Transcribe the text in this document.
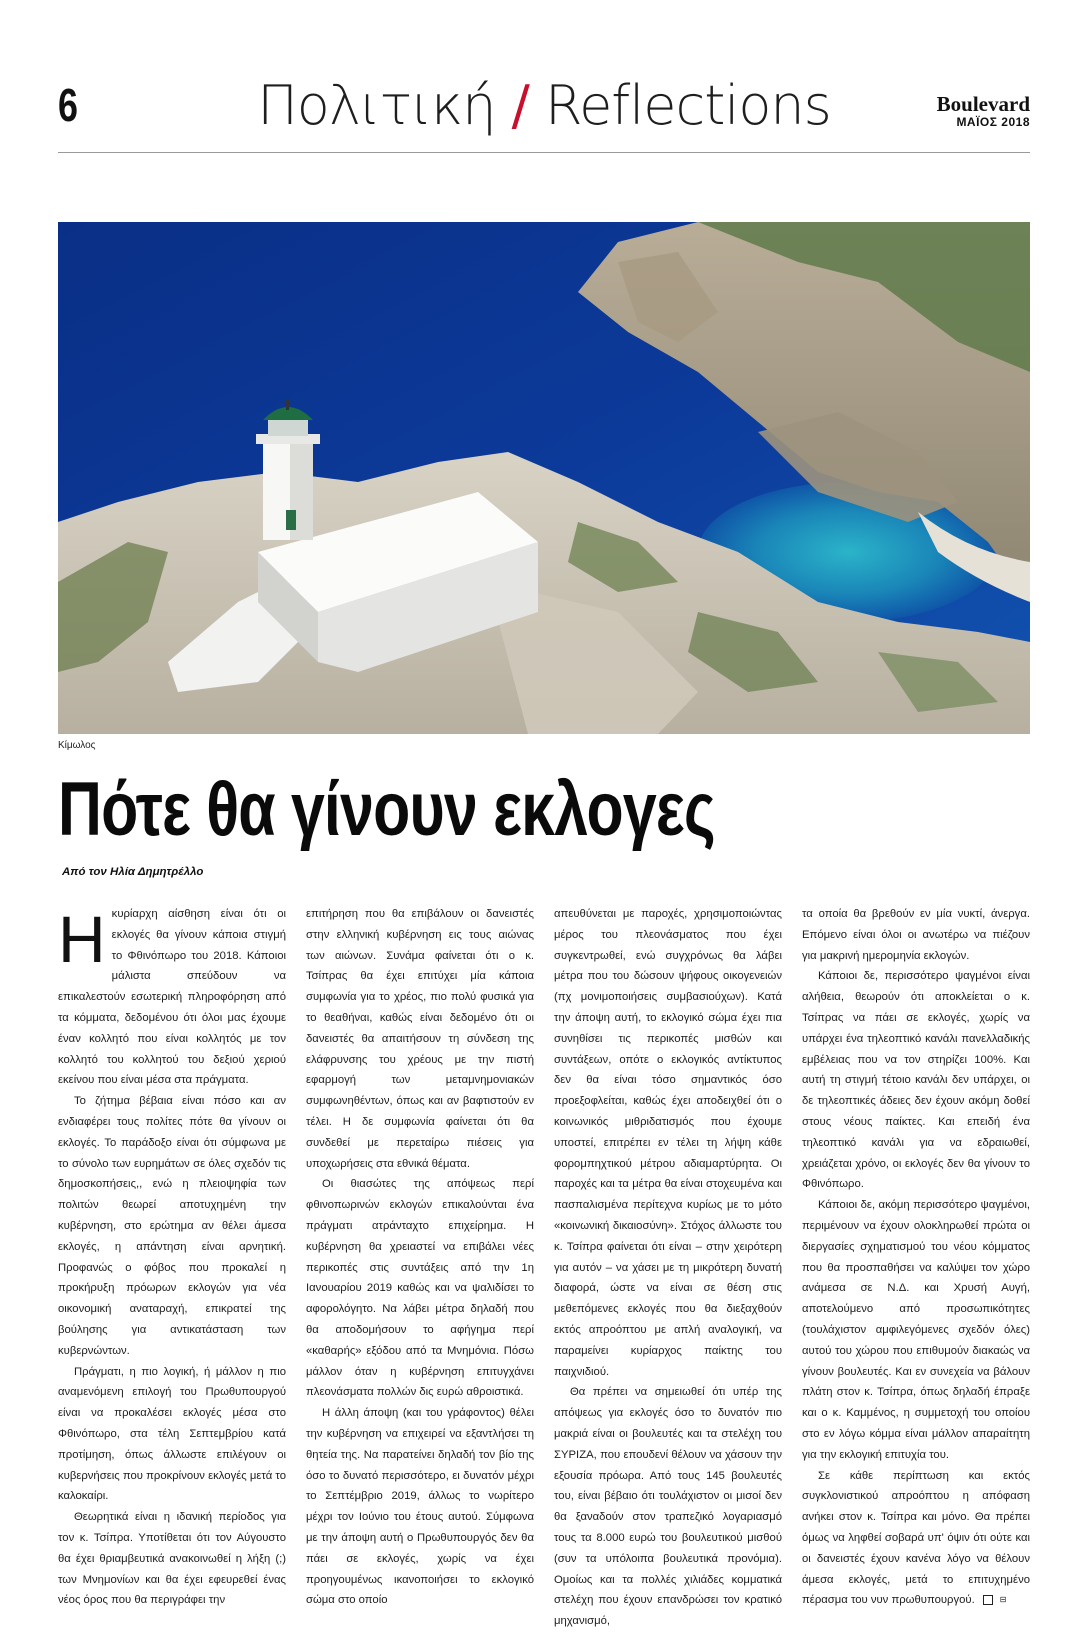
6	Πολιτική / Reflections	Boulevard
ΜΑΪΟΣ 2018
Κίμωλος
Πότε θα γίνουν εκλογες
Από τον Ηλία Δημητρέλλο

Ηκυρίαρχη αίσθηση είναι ότι οι εκλογές θα γίνουν κάποια στιγμή το Φθινόπωρο του 2018. Κάποιοι μάλιστα σπεύδουν να επικαλεστούν εσωτερική πληροφόρηση από τα κόμματα, δεδομένου ότι όλοι μας έχουμε έναν κολλητό που είναι κολλητός με τον κολλητό του κολλητού του δεξιού χεριού εκείνου που είναι μέσα στα πράγματα.

Το ζήτημα βέβαια είναι πόσο και αν ενδιαφέρει τους πολίτες πότε θα γίνουν οι εκλογές. Το παράδοξο είναι ότι σύμφωνα με το σύνολο των ευρημάτων σε όλες σχεδόν τις δημοσκοπήσεις,, ενώ η πλειοψηφία των πολιτών θεωρεί αποτυχημένη την κυβέρνηση, στο ερώτημα αν θέλει άμεσα εκλογές, η απάντηση είναι αρνητική. Προφανώς ο φόβος που προκαλεί η προκήρυξη πρόωρων εκλογών για νέα οικονομική αναταραχή, επικρατεί της βούλησης για αντικατάσταση των κυβερνώντων.

Πράγματι, η πιο λογική, ή μάλλον η πιο αναμενόμενη επιλογή του Πρωθυπουργού είναι να προκαλέσει εκλογές μέσα στο Φθινόπωρο, στα τέλη Σεπτεμβρίου κατά προτίμηση, όπως άλλωστε επιλέγουν οι κυβερνήσεις που προκρίνουν εκλογές μετά το καλοκαίρι.

Θεωρητικά είναι η ιδανική περίοδος για τον κ. Τσίπρα. Υποτίθεται ότι τον Αύγουστο θα έχει θριαμβευτικά ανακοινωθεί η λήξη (;) των Μνημονίων και θα έχει εφευρεθεί ένας νέος όρος που θα περιγράφει την

επιτήρηση που θα επιβάλουν οι δανειστές στην ελληνική κυβέρνηση εις τους αιώνας των αιώνων. Συνάμα φαίνεται ότι ο κ. Τσίπρας θα έχει επιτύχει μία κάποια συμφωνία για το χρέος, πιο πολύ φυσικά για το θεαθήναι, καθώς είναι δεδομένο ότι οι δανειστές θα απαιτήσουν τη σύνδεση της ελάφρυνσης του χρέους με την πιστή εφαρμογή των μεταμνημονιακών συμφωνηθέντων, όπως και αν βαφτιστούν εν τέλει. Η δε συμφωνία φαίνεται ότι θα συνδεθεί με περεταίρω πιέσεις για υποχωρήσεις στα εθνικά θέματα.

Οι θιασώτες της απόψεως περί φθινοπωρινών εκλογών επικαλούνται ένα πράγματι ατράνταχτο επιχείρημα. Η κυβέρνηση θα χρειαστεί να επιβάλει νέες περικοπές στις συντάξεις από την 1η Ιανουαρίου 2019 καθώς και να ψαλιδίσει το αφορολόγητο. Να λάβει μέτρα δηλαδή που θα αποδομήσουν το αφήγημα περί «καθαρής» εξόδου από τα Μνημόνια. Πόσω μάλλον όταν η κυβέρνηση επιτυγχάνει πλεονάσματα πολλών δις ευρώ αθροιστικά.

Η άλλη άποψη (και του γράφοντος) θέλει την κυβέρνηση να επιχειρεί να εξαντλήσει τη θητεία της. Να παρατείνει δηλαδή τον βίο της όσο το δυνατό περισσότερο, ει δυνατόν μέχρι το Σεπτέμβριο 2019, άλλως το νωρίτερο μέχρι τον Ιούνιο του έτους αυτού. Σύμφωνα με την άποψη αυτή ο Πρωθυπουργός δεν θα πάει σε εκλογές, χωρίς να έχει προηγουμένως ικανοποιήσει το εκλογικό σώμα στο οποίο

απευθύνεται με παροχές, χρησιμοποιώντας μέρος του πλεονάσματος που έχει συγκεντρωθεί, ενώ συγχρόνως θα λάβει μέτρα που του δώσουν ψήφους οικογενειών (πχ μονιμοποιήσεις συμβασιούχων). Κατά την άποψη αυτή, το εκλογικό σώμα έχει πια συνηθίσει τις περικοπές μισθών και συντάξεων, οπότε ο εκλογικός αντίκτυπος δεν θα είναι τόσο σημαντικός όσο προεξοφλείται, καθώς έχει αποδειχθεί ότι ο κοινωνικός μιθριδατισμός που έχουμε υποστεί, επιτρέπει εν τέλει τη λήψη κάθε φορομπηχτικού μέτρου αδιαμαρτύρητα. Οι παροχές και τα μέτρα θα είναι στοχευμένα και πασπαλισμένα περίτεχνα κυρίως με το μότο «κοινωνική δικαιοσύνη». Στόχος άλλωστε του κ. Τσίπρα φαίνεται ότι είναι – στην χειρότερη για αυτόν – να χάσει με τη μικρότερη δυνατή διαφορά, ώστε να είναι σε θέση στις μεθεπόμενες εκλογές που θα διεξαχθούν εκτός απροόπτου με απλή αναλογική, να παραμείνει κυρίαρχος παίκτης του παιχνιδιού.

Θα πρέπει να σημειωθεί ότι υπέρ της απόψεως για εκλογές όσο το δυνατόν πιο μακριά είναι οι βουλευτές και τα στελέχη του ΣΥΡΙΖΑ, που επουδενί θέλουν να χάσουν την εξουσία πρόωρα. Από τους 145 βουλευτές του, είναι βέβαιο ότι τουλάχιστον οι μισοί δεν θα ξαναδούν στον τραπεζικό λογαριασμό τους τα 8.000 ευρώ του βουλευτικού μισθού (συν τα υπόλοιπα βουλευτικά προνόμια). Ομοίως και τα πολλές χιλιάδες κομματικά στελέχη που έχουν επανδρώσει τον κρατικό μηχανισμό,

τα οποία θα βρεθούν εν μία νυκτί, άνεργα. Επόμενο είναι όλοι οι ανωτέρω να πιέζουν για μακρινή ημερομηνία εκλογών.

Κάποιοι δε, περισσότερο ψαγμένοι είναι αλήθεια, θεωρούν ότι αποκλείεται ο κ. Τσίπρας να πάει σε εκλογές, χωρίς να υπάρχει ένα τηλεοπτικό κανάλι πανελλαδικής εμβέλειας που να τον στηρίζει 100%. Και αυτή τη στιγμή τέτοιο κανάλι δεν υπάρχει, οι δε τηλεοπτικές άδειες δεν έχουν ακόμη δοθεί στους νέους παίκτες. Και επειδή ένα τηλεοπτικό κανάλι για να εδραιωθεί, χρειάζεται χρόνο, οι εκλογές δεν θα γίνουν το Φθινόπωρο.

Κάποιοι δε, ακόμη περισσότερο ψαγμένοι, περιμένουν να έχουν ολοκληρωθεί πρώτα οι διεργασίες σχηματισμού του νέου κόμματος που θα προσπαθήσει να καλύψει τον χώρο ανάμεσα σε Ν.Δ. και Χρυσή Αυγή, αποτελούμενο από προσωπικότητες (τουλάχιστον αμφιλεγόμενες σχεδόν όλες) αυτού του χώρου που επιθυμούν διακαώς να γίνουν βουλευτές. Και εν συνεχεία να βάλουν πλάτη στον κ. Τσίπρα, όπως δηλαδή έπραξε και ο κ. Καμμένος, η συμμετοχή του οποίου στο εν λόγω κόμμα είναι μάλλον απαραίτητη για την εκλογική επιτυχία του.

Σε κάθε περίπτωση και εκτός συγκλονιστικού απροόπτου η απόφαση ανήκει στον κ. Τσίπρα και μόνο. Θα πρέπει όμως να ληφθεί σοβαρά υπ' όψιν ότι ούτε και οι δανειστές έχουν κανένα λόγο να θέλουν άμεσα εκλογές, μετά το επιτυχημένο πέρασμα του νυν πρωθυπουργού.	⊟
